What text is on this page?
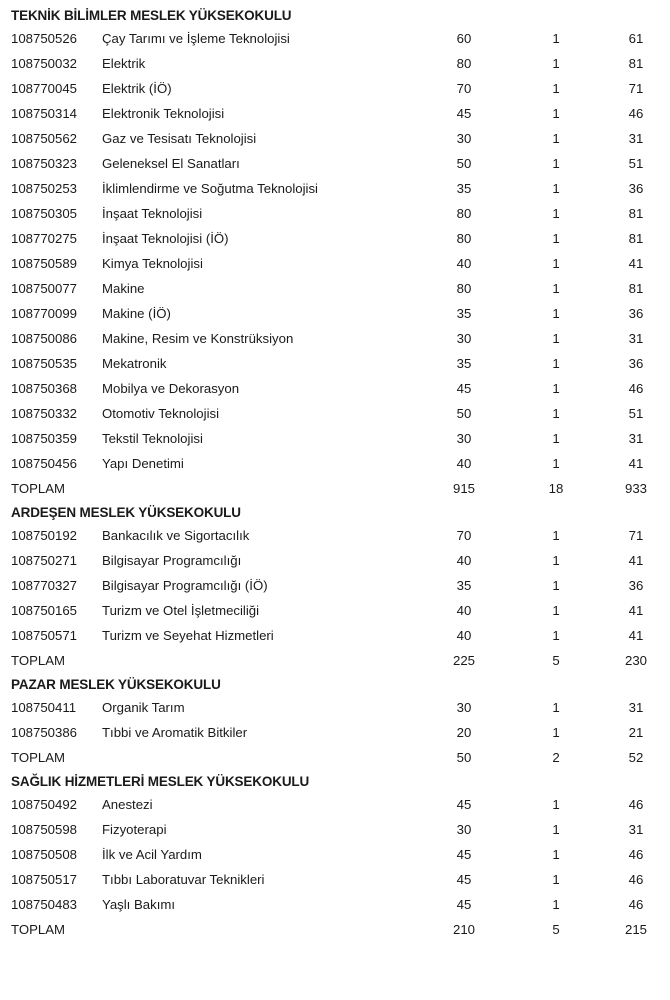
TEKNİK BİLİMLER MESLEK YÜKSEKOKULU				
108750526	Çay Tarımı ve İşleme Teknolojisi	60	1	61
108750032	Elektrik	80	1	81
108770045	Elektrik (İÖ)	70	1	71
108750314	Elektronik Teknolojisi	45	1	46
108750562	Gaz ve Tesisatı Teknolojisi	30	1	31
108750323	Geleneksel El Sanatları	50	1	51
108750253	İklimlendirme ve Soğutma Teknolojisi	35	1	36
108750305	İnşaat Teknolojisi	80	1	81
108770275	İnşaat Teknolojisi (İÖ)	80	1	81
108750589	Kimya Teknolojisi	40	1	41
108750077	Makine	80	1	81
108770099	Makine (İÖ)	35	1	36
108750086	Makine, Resim ve Konstrüksiyon	30	1	31
108750535	Mekatronik	35	1	36
108750368	Mobilya ve Dekorasyon	45	1	46
108750332	Otomotiv Teknolojisi	50	1	51
108750359	Tekstil Teknolojisi	30	1	31
108750456	Yapı Denetimi	40	1	41
TOPLAM		915	18	933
ARDEŞEN MESLEK YÜKSEKOKULU				
108750192	Bankacılık ve Sigortacılık	70	1	71
108750271	Bilgisayar Programcılığı	40	1	41
108770327	Bilgisayar Programcılığı (İÖ)	35	1	36
108750165	Turizm ve Otel İşletmeciliği	40	1	41
108750571	Turizm ve Seyehat Hizmetleri	40	1	41
TOPLAM		225	5	230
PAZAR MESLEK YÜKSEKOKULU				
108750411	Organik Tarım	30	1	31
108750386	Tıbbi ve Aromatik Bitkiler	20	1	21
TOPLAM		50	2	52
SAĞLIK HİZMETLERİ MESLEK YÜKSEKOKULU				
108750492	Anestezi	45	1	46
108750598	Fizyoterapi	30	1	31
108750508	İlk ve Acil Yardım	45	1	46
108750517	Tıbbı Laboratuvar Teknikleri	45	1	46
108750483	Yaşlı Bakımı	45	1	46
TOPLAM		210	5	215
